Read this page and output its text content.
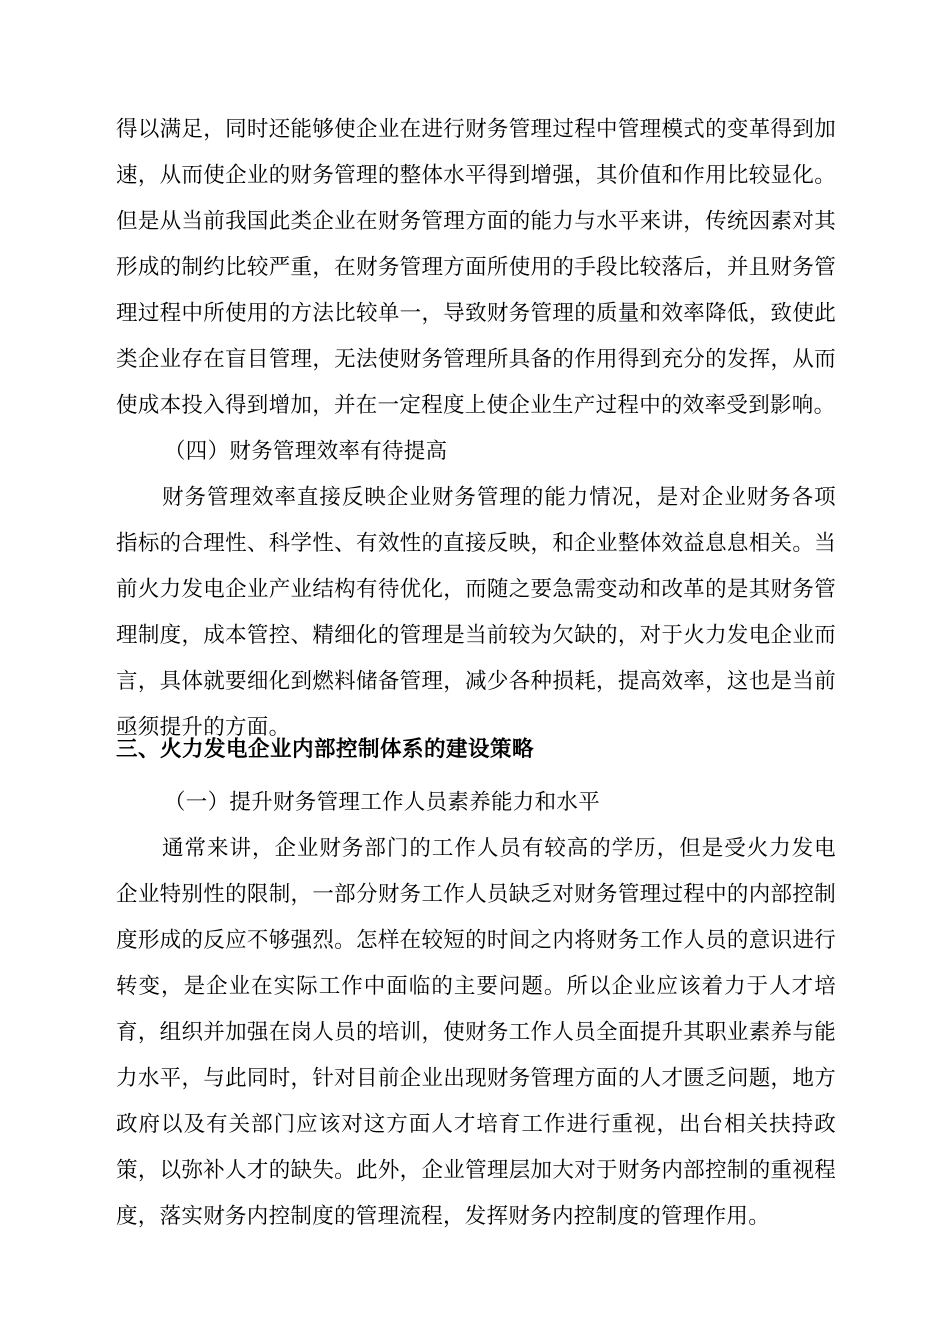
得以满足，同时还能够使企业在进行财务管理过程中管理模式的变革得到加速，从而使企业的财务管理的整体水平得到增强，其价值和作用比较显化。但是从当前我国此类企业在财务管理方面的能力与水平来讲，传统因素对其形成的制约比较严重，在财务管理方面所使用的手段比较落后，并且财务管理过程中所使用的方法比较单一，导致财务管理的质量和效率降低，致使此类企业存在盲目管理，无法使财务管理所具备的作用得到充分的发挥，从而使成本投入得到增加，并在一定程度上使企业生产过程中的效率受到影响。

（四）财务管理效率有待提高

财务管理效率直接反映企业财务管理的能力情况，是对企业财务各项指标的合理性、科学性、有效性的直接反映，和企业整体效益息息相关。当前火力发电企业产业结构有待优化，而随之要急需变动和改革的是其财务管理制度，成本管控、精细化的管理是当前较为欠缺的，对于火力发电企业而言，具体就要细化到燃料储备管理，减少各种损耗，提高效率，这也是当前亟须提升的方面。

三、火力发电企业内部控制体系的建设策略

（一）提升财务管理工作人员素养能力和水平

通常来讲，企业财务部门的工作人员有较高的学历，但是受火力发电企业特别性的限制，一部分财务工作人员缺乏对财务管理过程中的内部控制度形成的反应不够强烈。怎样在较短的时间之内将财务工作人员的意识进行转变，是企业在实际工作中面临的主要问题。所以企业应该着力于人才培育，组织并加强在岗人员的培训，使财务工作人员全面提升其职业素养与能力水平，与此同时，针对目前企业出现财务管理方面的人才匮乏问题，地方政府以及有关部门应该对这方面人才培育工作进行重视，出台相关扶持政策，以弥补人才的缺失。此外，企业管理层加大对于财务内部控制的重视程度，落实财务内控制度的管理流程，发挥财务内控制度的管理作用。
